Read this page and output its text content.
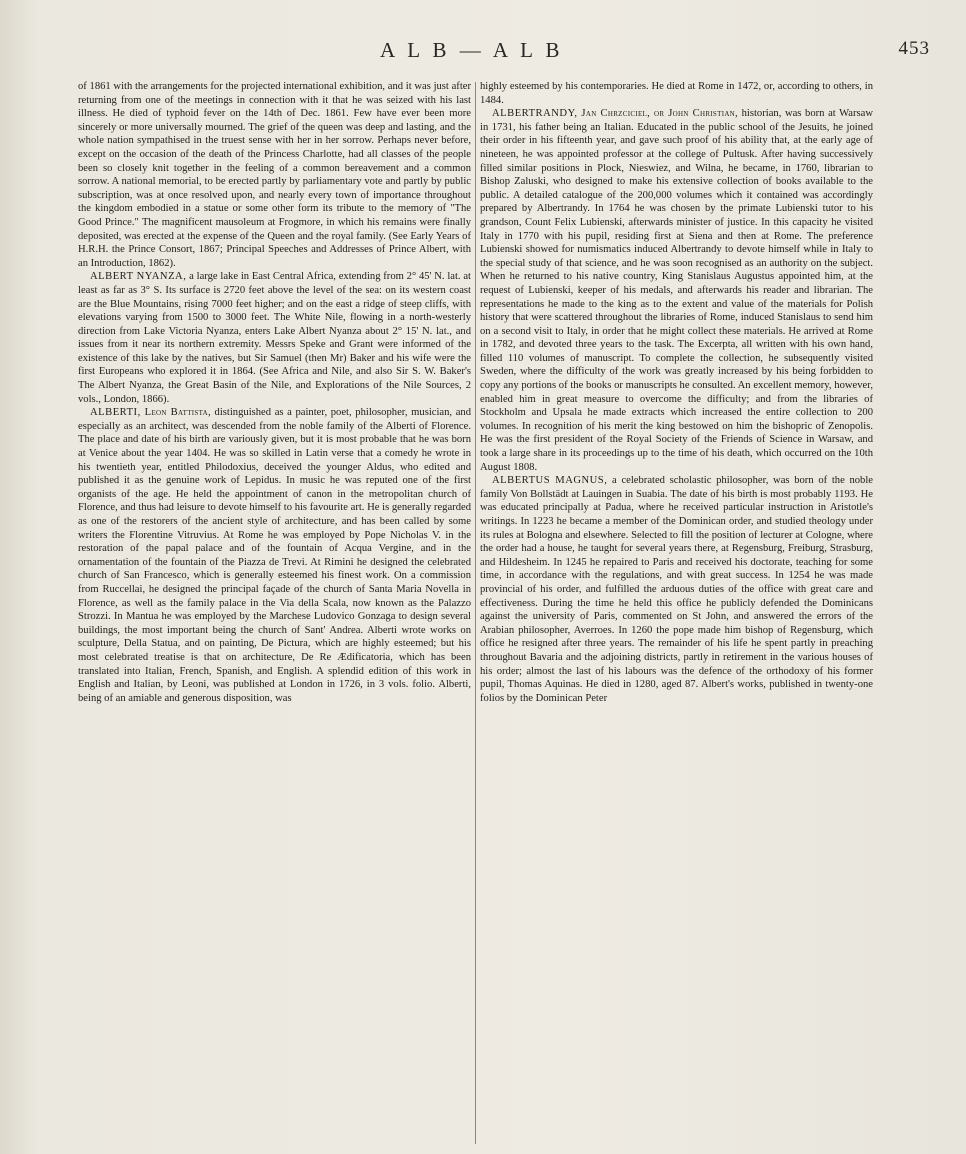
A L B — A L B	453

of 1861 with the arrangements for the projected international exhibition, and it was just after returning from one of the meetings in connection with it that he was seized with his last illness. He died of typhoid fever on the 14th of Dec. 1861. Few have ever been more sincerely or more universally mourned. The grief of the queen was deep and lasting, and the whole nation sympathised in the truest sense with her in her sorrow. Perhaps never before, except on the occasion of the death of the Princess Charlotte, had all classes of the people been so closely knit together in the feeling of a common bereavement and a common sorrow. A national memorial, to be erected partly by parliamentary vote and partly by public subscription, was at once resolved upon, and nearly every town of importance throughout the kingdom embodied in a statue or some other form its tribute to the memory of "The Good Prince." The magnificent mausoleum at Frogmore, in which his remains were finally deposited, was erected at the expense of the Queen and the royal family. (See Early Years of H.R.H. the Prince Consort, 1867; Principal Speeches and Addresses of Prince Albert, with an Introduction, 1862).

ALBERT NYANZA, a large lake in East Central Africa, extending from 2° 45' N. lat. at least as far as 3° S. Its surface is 2720 feet above the level of the sea: on its western coast are the Blue Mountains, rising 7000 feet higher; and on the east a ridge of steep cliffs, with elevations varying from 1500 to 3000 feet. The White Nile, flowing in a north-westerly direction from Lake Victoria Nyanza, enters Lake Albert Nyanza about 2° 15' N. lat., and issues from it near its northern extremity. Messrs Speke and Grant were informed of the existence of this lake by the natives, but Sir Samuel (then Mr) Baker and his wife were the first Europeans who explored it in 1864. (See Africa and Nile, and also Sir S. W. Baker's The Albert Nyanza, the Great Basin of the Nile, and Explorations of the Nile Sources, 2 vols., London, 1866).

ALBERTI, Leon Battista, distinguished as a painter, poet, philosopher, musician, and especially as an architect, was descended from the noble family of the Alberti of Florence. The place and date of his birth are variously given, but it is most probable that he was born at Venice about the year 1404. He was so skilled in Latin verse that a comedy he wrote in his twentieth year, entitled Philodoxius, deceived the younger Aldus, who edited and published it as the genuine work of Lepidus. In music he was reputed one of the first organists of the age. He held the appointment of canon in the metropolitan church of Florence, and thus had leisure to devote himself to his favourite art. He is generally regarded as one of the restorers of the ancient style of architecture, and has been called by some writers the Florentine Vitruvius. At Rome he was employed by Pope Nicholas V. in the restoration of the papal palace and of the fountain of Acqua Vergine, and in the ornamentation of the fountain of the Piazza de Trevi. At Rimini he designed the celebrated church of San Francesco, which is generally esteemed his finest work. On a commission from Ruccellai, he designed the principal façade of the church of Santa Maria Novella in Florence, as well as the family palace in the Via della Scala, now known as the Palazzo Strozzi. In Mantua he was employed by the Marchese Ludovico Gonzaga to design several buildings, the most important being the church of Sant' Andrea. Alberti wrote works on sculpture, Della Statua, and on painting, De Pictura, which are highly esteemed; but his most celebrated treatise is that on architecture, De Re Ædificatoria, which has been translated into Italian, French, Spanish, and English. A splendid edition of this work in English and Italian, by Leoni, was published at London in 1726, in 3 vols. folio. Alberti, being of an amiable and generous disposition, was

highly esteemed by his contemporaries. He died at Rome in 1472, or, according to others, in 1484.

ALBERTRANDY, Jan Chrzciciel, or John Christian, historian, was born at Warsaw in 1731, his father being an Italian. Educated in the public school of the Jesuits, he joined their order in his fifteenth year, and gave such proof of his ability that, at the early age of nineteen, he was appointed professor at the college of Pultusk. After having successively filled similar positions in Plock, Nieswiez, and Wilna, he became, in 1760, librarian to Bishop Zaluski, who designed to make his extensive collection of books available to the public. A detailed catalogue of the 200,000 volumes which it contained was accordingly prepared by Albertrandy. In 1764 he was chosen by the primate Lubienski tutor to his grandson, Count Felix Lubienski, afterwards minister of justice. In this capacity he visited Italy in 1770 with his pupil, residing first at Siena and then at Rome. The preference Lubienski showed for numismatics induced Albertrandy to devote himself while in Italy to the special study of that science, and he was soon recognised as an authority on the subject. When he returned to his native country, King Stanislaus Augustus appointed him, at the request of Lubienski, keeper of his medals, and afterwards his reader and librarian. The representations he made to the king as to the extent and value of the materials for Polish history that were scattered throughout the libraries of Rome, induced Stanislaus to send him on a second visit to Italy, in order that he might collect these materials. He arrived at Rome in 1782, and devoted three years to the task. The Excerpta, all written with his own hand, filled 110 volumes of manuscript. To complete the collection, he subsequently visited Sweden, where the difficulty of the work was greatly increased by his being forbidden to copy any portions of the books or manuscripts he consulted. An excellent memory, however, enabled him in great measure to overcome the difficulty; and from the libraries of Stockholm and Upsala he made extracts which increased the entire collection to 200 volumes. In recognition of his merit the king bestowed on him the bishopric of Zenopolis. He was the first president of the Royal Society of the Friends of Science in Warsaw, and took a large share in its proceedings up to the time of his death, which occurred on the 10th August 1808.

ALBERTUS MAGNUS, a celebrated scholastic philosopher, was born of the noble family Von Bollstädt at Lauingen in Suabia. The date of his birth is most probably 1193. He was educated principally at Padua, where he received particular instruction in Aristotle's writings. In 1223 he became a member of the Dominican order, and studied theology under its rules at Bologna and elsewhere. Selected to fill the position of lecturer at Cologne, where the order had a house, he taught for several years there, at Regensburg, Freiburg, Strasburg, and Hildesheim. In 1245 he repaired to Paris and received his doctorate, teaching for some time, in accordance with the regulations, and with great success. In 1254 he was made provincial of his order, and fulfilled the arduous duties of the office with great care and effectiveness. During the time he held this office he publicly defended the Dominicans against the university of Paris, commented on St John, and answered the errors of the Arabian philosopher, Averroes. In 1260 the pope made him bishop of Regensburg, which office he resigned after three years. The remainder of his life he spent partly in preaching throughout Bavaria and the adjoining districts, partly in retirement in the various houses of his order; almost the last of his labours was the defence of the orthodoxy of his former pupil, Thomas Aquinas. He died in 1280, aged 87. Albert's works, published in twenty-one folios by the Dominican Peter
